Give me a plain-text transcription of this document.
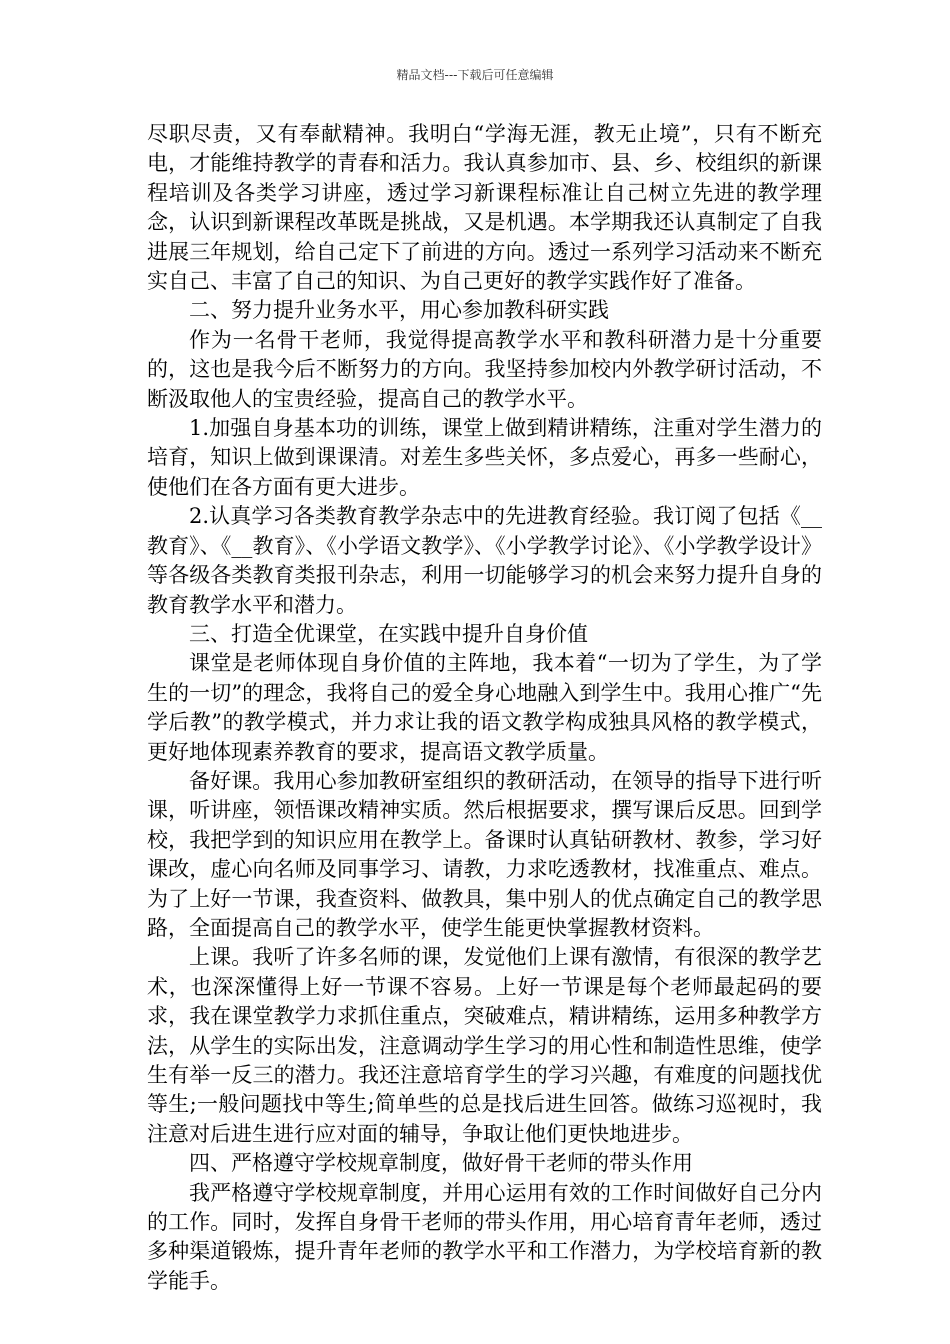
精品文档---下载后可任意编辑

尽职尽责，又有奉献精神。我明白“学海无涯，教无止境”，只有不断充电，才能维持教学的青春和活力。我认真参加市、县、乡、校组织的新课程培训及各类学习讲座，透过学习新课程标准让自己树立先进的教学理念，认识到新课程改革既是挑战，又是机遇。本学期我还认真制定了自我进展三年规划，给自己定下了前进的方向。透过一系列学习活动来不断充实自己、丰富了自己的知识、为自己更好的教学实践作好了准备。

二、努力提升业务水平，用心参加教科研实践

作为一名骨干老师，我觉得提高教学水平和教科研潜力是十分重要的，这也是我今后不断努力的方向。我坚持参加校内外教学研讨活动，不断汲取他人的宝贵经验，提高自己的教学水平。

1.加强自身基本功的训练，课堂上做到精讲精练，注重对学生潜力的培育，知识上做到课课清。对差生多些关怀，多点爱心，再多一些耐心，使他们在各方面有更大进步。

2.认真学习各类教育教学杂志中的先进教育经验。我订阅了包括《__教育》、《__教育》、《小学语文教学》、《小学教学讨论》、《小学教学设计》等各级各类教育类报刊杂志，利用一切能够学习的机会来努力提升自身的教育教学水平和潜力。

三、打造全优课堂，在实践中提升自身价值

课堂是老师体现自身价值的主阵地，我本着“一切为了学生，为了学生的一切”的理念，我将自己的爱全身心地融入到学生中。我用心推广“先学后教”的教学模式，并力求让我的语文教学构成独具风格的教学模式，更好地体现素养教育的要求，提高语文教学质量。

备好课。我用心参加教研室组织的教研活动，在领导的指导下进行听课，听讲座，领悟课改精神实质。然后根据要求，撰写课后反思。回到学校，我把学到的知识应用在教学上。备课时认真钻研教材、教参，学习好课改，虚心向名师及同事学习、请教，力求吃透教材，找准重点、难点。为了上好一节课，我查资料、做教具，集中别人的优点确定自己的教学思路，全面提高自己的教学水平，使学生能更快掌握教材资料。

上课。我听了许多名师的课，发觉他们上课有激情，有很深的教学艺术，也深深懂得上好一节课不容易。上好一节课是每个老师最起码的要求，我在课堂教学力求抓住重点，突破难点，精讲精练，运用多种教学方法，从学生的实际出发，注意调动学生学习的用心性和制造性思维，使学生有举一反三的潜力。我还注意培育学生的学习兴趣，有难度的问题找优等生;一般问题找中等生;简单些的总是找后进生回答。做练习巡视时，我注意对后进生进行应对面的辅导，争取让他们更快地进步。

四、严格遵守学校规章制度，做好骨干老师的带头作用

我严格遵守学校规章制度，并用心运用有效的工作时间做好自己分内的工作。同时，发挥自身骨干老师的带头作用，用心培育青年老师，透过多种渠道锻炼，提升青年老师的教学水平和工作潜力，为学校培育新的教学能手。
